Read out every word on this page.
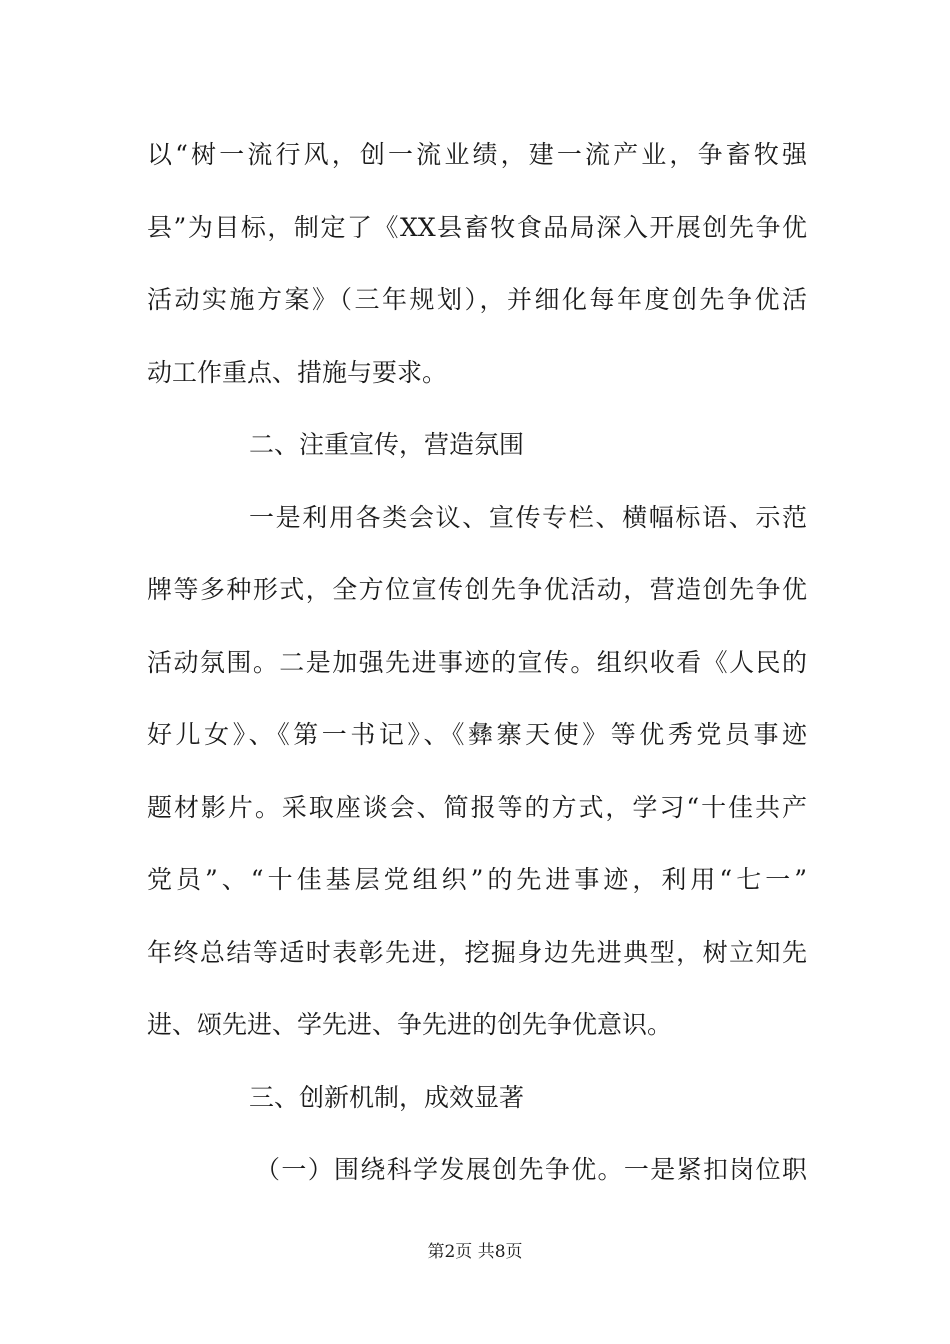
以“树一流行风，创一流业绩，建一流产业，争畜牧强
县”为目标，制定了《XX县畜牧食品局深入开展创先争优
活动实施方案》（三年规划），并细化每年度创先争优活
动工作重点、措施与要求。
二、注重宣传，营造氛围
一是利用各类会议、宣传专栏、横幅标语、示范
牌等多种形式，全方位宣传创先争优活动，营造创先争优
活动氛围。二是加强先进事迹的宣传。组织收看《人民的
好儿女》、《第一书记》、《彝寨天使》等优秀党员事迹
题材影片。采取座谈会、简报等的方式，学习“十佳共产
党员”、“十佳基层党组织”的先进事迹，利用“七一”
年终总结等适时表彰先进，挖掘身边先进典型，树立知先
进、颂先进、学先进、争先进的创先争优意识。
三、创新机制，成效显著
（一）围绕科学发展创先争优。一是紧扣岗位职
第2页 共8页
